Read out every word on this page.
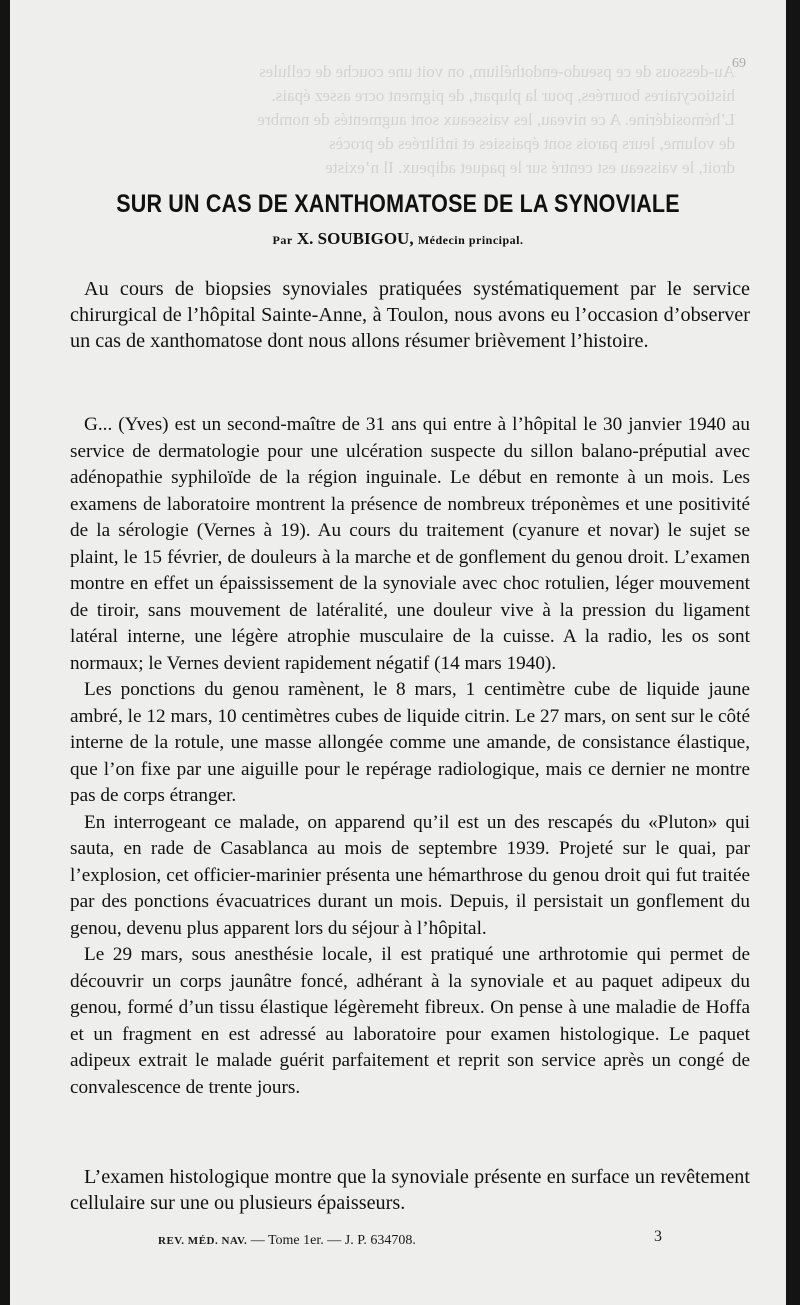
69

Au-dessous de ce pseudo-endothélium, on voit une couche de cellules

histiocytaires bourrées, pour la plupart, de pigment ocre assez épais.

L’hémosidérine. A ce niveau, les vaisseaux sont augmentés de nombre

de volume, leurs parois sont épaissies et infiltrées de procès

droit, le vaisseau est centré sur le paquet adipeux. Il n’existe

SUR UN CAS DE XANTHOMATOSE DE LA SYNOVIALE
Par X. SOUBIGOU, Médecin principal.

Au cours de biopsies synoviales pratiquées systématiquement par le service chirurgical de l’hôpital Sainte-Anne, à Toulon, nous avons eu l’occasion d’observer un cas de xanthomatose dont nous allons résumer brièvement l’histoire.

G... (Yves) est un second-maître de 31 ans qui entre à l’hôpital le 30 janvier 1940 au service de dermatologie pour une ulcération suspecte du sillon balano-préputial avec adénopathie syphiloïde de la région inguinale. Le début en remonte à un mois. Les examens de laboratoire montrent la présence de nombreux tréponèmes et une positivité de la sérologie (Vernes à 19). Au cours du traitement (cyanure et novar) le sujet se plaint, le 15 février, de douleurs à la marche et de gonflement du genou droit. L’examen montre en effet un épaississement de la synoviale avec choc rotulien, léger mouvement de tiroir, sans mouvement de latéralité, une douleur vive à la pression du ligament latéral interne, une légère atrophie musculaire de la cuisse. A la radio, les os sont normaux; le Vernes devient rapidement négatif (14 mars 1940).

Les ponctions du genou ramènent, le 8 mars, 1 centimètre cube de liquide jaune ambré, le 12 mars, 10 centimètres cubes de liquide citrin. Le 27 mars, on sent sur le côté interne de la rotule, une masse allongée comme une amande, de consistance élastique, que l’on fixe par une aiguille pour le repérage radiologique, mais ce dernier ne montre pas de corps étranger.

En interrogeant ce malade, on apparend qu’il est un des rescapés du «Pluton» qui sauta, en rade de Casablanca au mois de septembre 1939. Projeté sur le quai, par l’explosion, cet officier-marinier présenta une hémarthrose du genou droit qui fut traitée par des ponctions évacuatrices durant un mois. Depuis, il persistait un gonflement du genou, devenu plus apparent lors du séjour à l’hôpital.

Le 29 mars, sous anesthésie locale, il est pratiqué une arthrotomie qui permet de découvrir un corps jaunâtre foncé, adhérant à la synoviale et au paquet adipeux du genou, formé d’un tissu élastique légèremeht fibreux. On pense à une maladie de Hoffa et un fragment en est adressé au laboratoire pour examen histologique. Le paquet adipeux extrait le malade guérit parfaitement et reprit son service après un congé de convalescence de trente jours.

L’examen histologique montre que la synoviale présente en surface un revêtement cellulaire sur une ou plusieurs épaisseurs.

REV. MÉD. NAV. — Tome 1er. — J. P. 634708.	3
